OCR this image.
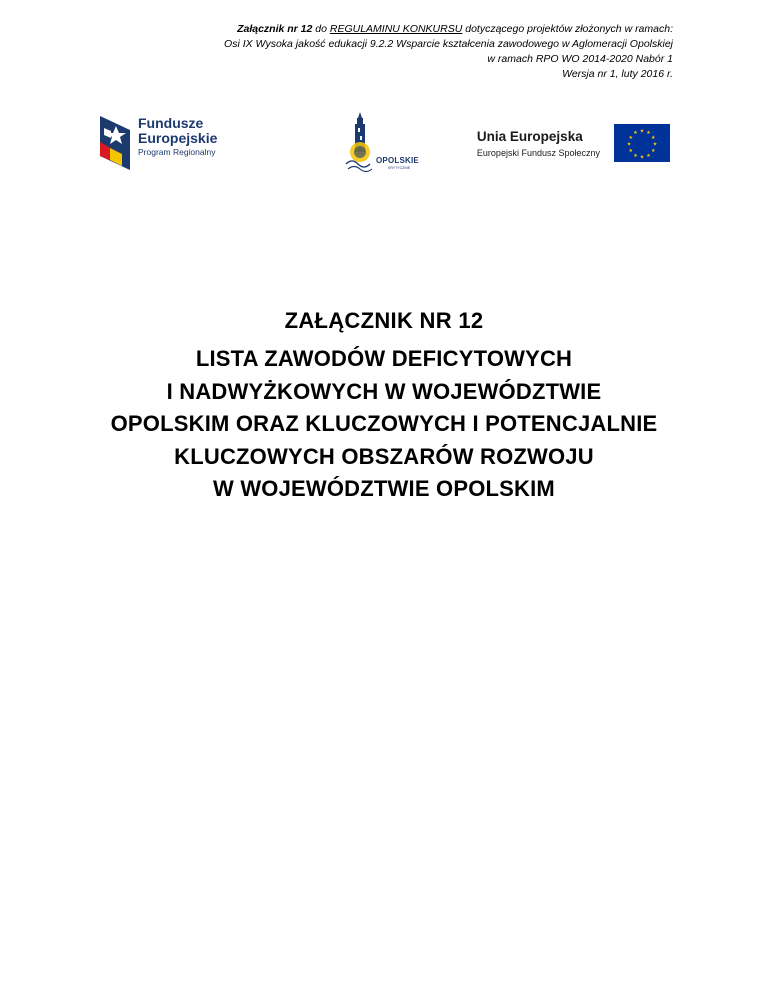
Załącznik nr 12 do REGULAMINU KONKURSU dotyczącego projektów złożonych w ramach:
Osi IX Wysoka jakość edukacji 9.2.2 Wsparcie kształcenia zawodowego w Aglomeracji Opolskiej
w ramach RPO WO 2014-2020 Nabór 1
Wersja nr 1, luty 2016 r.
Fundusze
Europejskie
Program Regionalny
OPOLSKIE
KRYTYCZNIE
Unia Europejska
Europejski Fundusz Społeczny
★ ★
★
★
★
★
★
★
★
★
★
★
ZAŁĄCZNIK NR 12
LISTA ZAWODÓW DEFICYTOWYCH
I NADWYŻKOWYCH W WOJEWÓDZTWIE
OPOLSKIM ORAZ KLUCZOWYCH I POTENCJALNIE
KLUCZOWYCH OBSZARÓW ROZWOJU
W WOJEWÓDZTWIE OPOLSKIM
